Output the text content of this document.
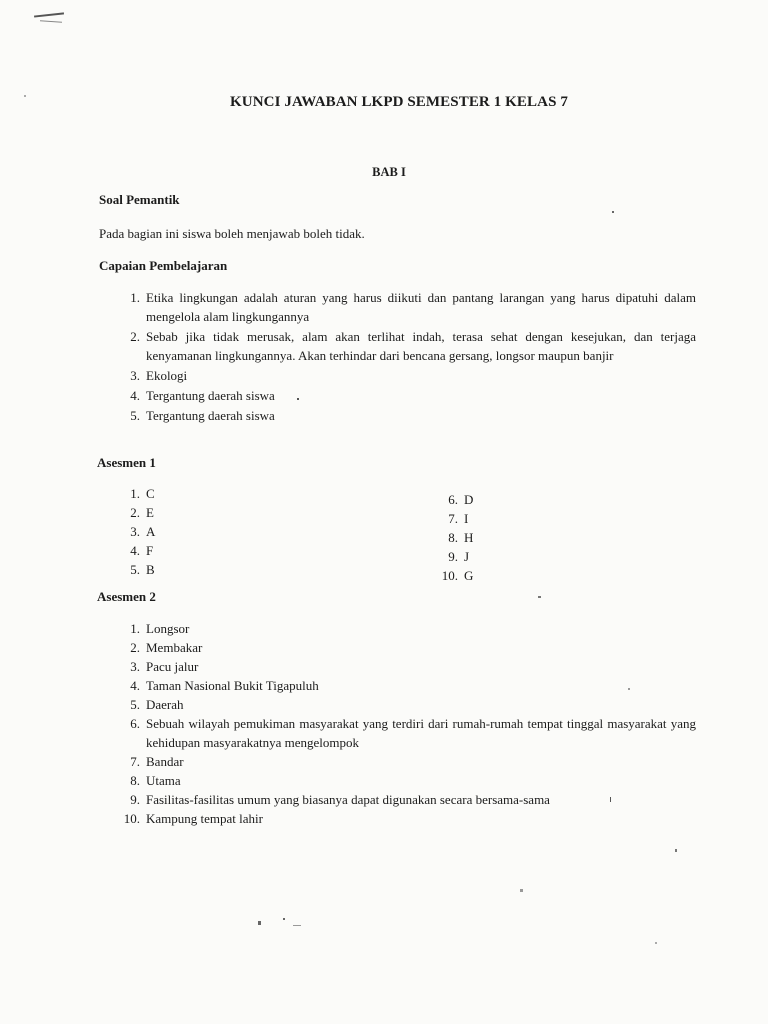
KUNCI JAWABAN LKPD SEMESTER 1 KELAS 7
BAB I
Soal Pemantik
Pada bagian ini siswa boleh menjawab boleh tidak.
Capaian Pembelajaran
1. Etika lingkungan adalah aturan yang harus diikuti dan pantang larangan yang harus dipatuhi dalam mengelola alam lingkungannya
2. Sebab jika tidak merusak, alam akan terlihat indah, terasa sehat dengan kesejukan, dan terjaga kenyamanan lingkungannya. Akan terhindar dari bencana gersang, longsor maupun banjir
3. Ekologi
4. Tergantung daerah siswa
5. Tergantung daerah siswa
Asesmen 1
1. C
2. E
3. A
4. F
5. B
6. D
7. I
8. H
9. J
10. G
Asesmen 2
1. Longsor
2. Membakar
3. Pacu jalur
4. Taman Nasional Bukit Tigapuluh
5. Daerah
6. Sebuah wilayah pemukiman masyarakat yang terdiri dari rumah-rumah tempat tinggal masyarakat yang kehidupan masyarakatnya mengelompok
7. Bandar
8. Utama
9. Fasilitas-fasilitas umum yang biasanya dapat digunakan secara bersama-sama
10. Kampung tempat lahir
